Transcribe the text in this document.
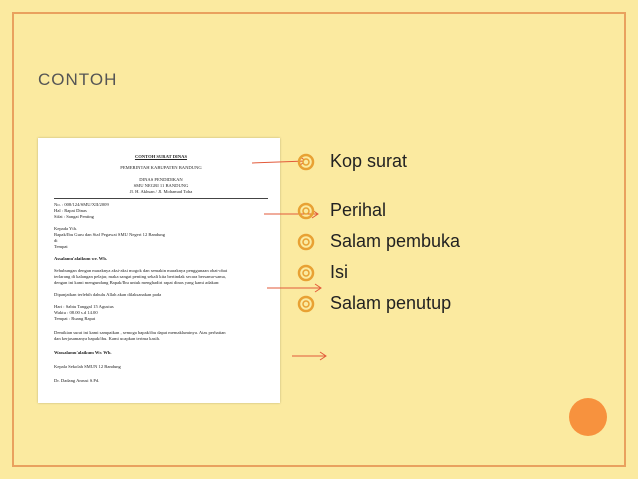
CONTOH
CONTOH SURAT DINAS
PEMERINTAH KABUPATEN BANDUNG
DINAS PENDIDIKAN
SMU NEGRI 11 BANDUNG
Jl. H. Akhsan / Jl. Mohamad Toha
No. : 008/124/SMU/XII/2009
Hal : Rapat Dinas
Sifat : Sangat Penting
Kepada Yth.
Bapak/Ibu Guru dan Staf Pegawai SMU Negeri 12 Bandung
di
Tempat
Assalamu'alaikum wr. Wb.
Sehubungan dengan maraknya aksi-aksi mogok dan semakin maraknya penggunaan obat-obat
terlarang di kalangan pelajar, maka sangat penting sekali kita bertindak secara bersama-sama,
dengan ini kami mengundang Bapak/Ibu untuk menghadiri rapat dinas yang kami adakan:
Dipanjatkan terlebih dahulu Allah akan dilaksanakan pada
Hari : Sabtu Tanggal 15 Agustus
Waktu : 08.00 s.d 14.00
Tempat : Ruang Rapat
Demikian surat ini kami sampaikan , semoga bapak/ibu dapat memakluminya. Atas perhatian
dan kerjasamanya bapak/ibu. Kami ucapkan terima kasih.
Wassalamu'alaikum Wr. Wb.
Kepala Sekolah SMUN 12 Bandung
Dr. Dadang Anrusi S.Pd.
Kop surat
Perihal
Salam pembuka
Isi
Salam penutup
